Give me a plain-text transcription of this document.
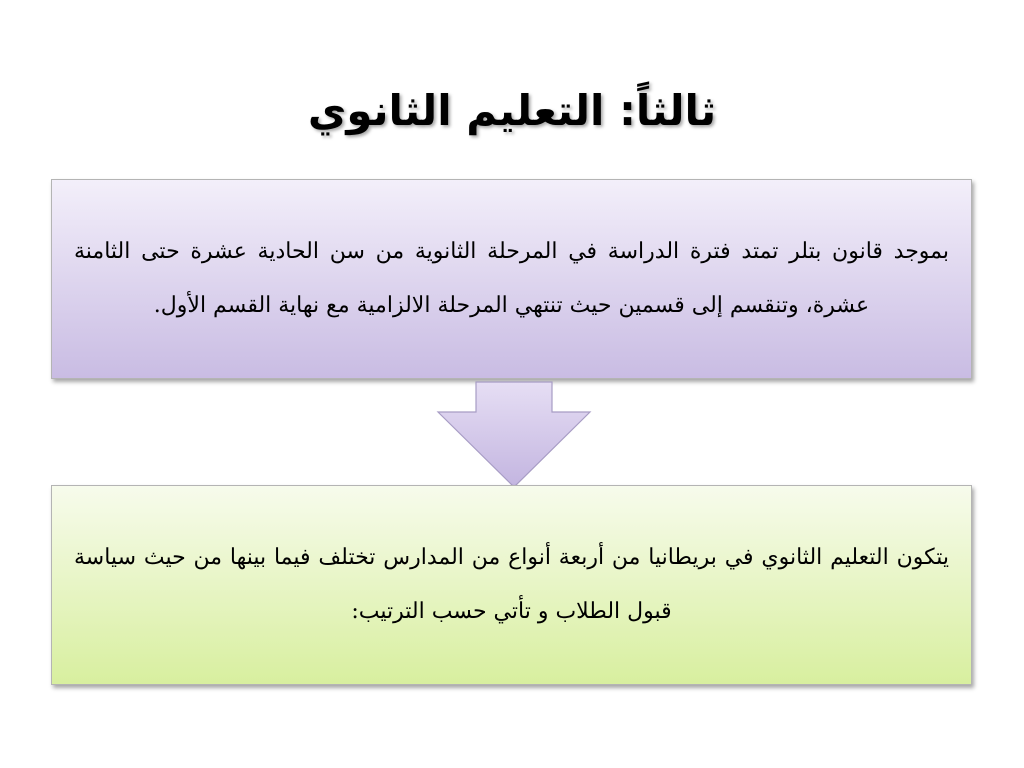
ثالثاً: التعليم الثانوي

بموجد قانون بتلر تمتد فترة الدراسة في المرحلة الثانوية من سن الحادية عشرة حتى الثامنة عشرة، وتنقسم إلى قسمين حيث تنتهي المرحلة الالزامية مع نهاية القسم الأول.

يتكون التعليم الثانوي في بريطانيا من أربعة أنواع من المدارس تختلف فيما بينها من حيث سياسة قبول الطلاب و تأتي حسب الترتيب:
